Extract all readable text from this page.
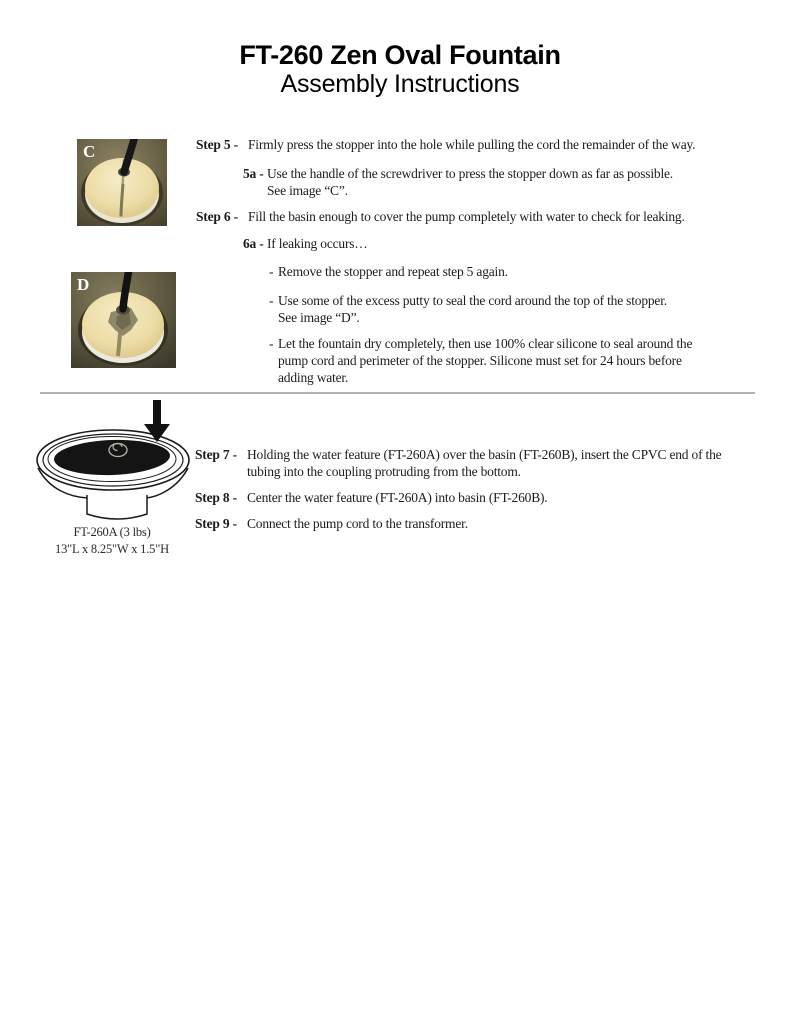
FT-260 Zen Oval Fountain
Assembly Instructions
C
D
Step 5 - Firmly press the stopper into the hole while pulling the cord the remainder of the way.
5a - Use the handle of the screwdriver to press the stopper down as far as possible.
See image “C”.
Step 6 - Fill the basin enough to cover the pump completely with water to check for leaking.
6a - If leaking occurs…
- Remove the stopper and repeat step 5 again.
- Use some of the excess putty to seal the cord around the top of the stopper.
See image “D”.
- Let the fountain dry completely, then use 100% clear silicone to seal around the
pump cord and perimeter of the stopper. Silicone must set for 24 hours before
adding water.
FT-260A (3 lbs)
13"L x 8.25"W x 1.5"H
Step 7 - Holding the water feature (FT-260A) over the basin (FT-260B), insert the CPVC end of the
tubing into the coupling protruding from the bottom.
Step 8 - Center the water feature (FT-260A) into basin (FT-260B).
Step 9 - Connect the pump cord to the transformer.
